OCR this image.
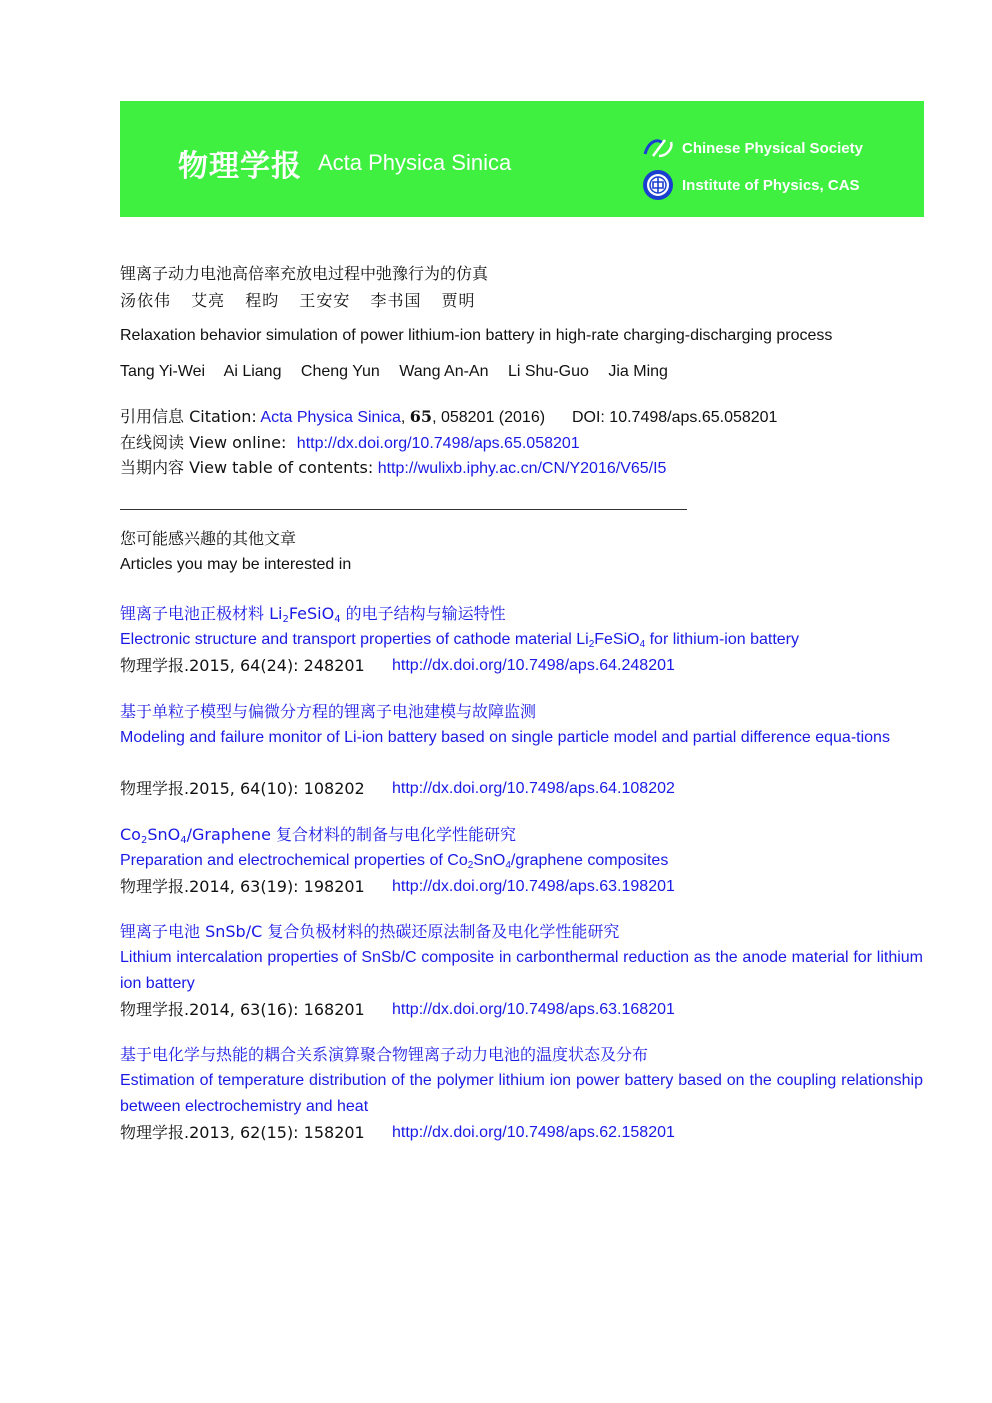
物理学报 Acta Physica Sinica
Chinese Physical Society
Institute of Physics, CAS
锂离子动力电池高倍率充放电过程中弛豫行为的仿真
汤依伟 艾亮 程昀 王安安 李书国 贾明
Relaxation behavior simulation of power lithium-ion battery in high-rate charging-discharging process
Tang Yi-Wei Ai Liang Cheng Yun Wang An-An Li Shu-Guo Jia Ming
引用信息 Citation: Acta Physica Sinica, 65, 058201 (2016) DOI: 10.7498/aps.65.058201
在线阅读 View online: http://dx.doi.org/10.7498/aps.65.058201
当期内容 View table of contents: http://wulixb.iphy.ac.cn/CN/Y2016/V65/I5
您可能感兴趣的其他文章
Articles you may be interested in
锂离子电池正极材料 $Li_2FeSiO_4$ 的电子结构与输运特性
Electronic structure and transport properties of cathode material $Li_2FeSiO_4$ for lithium-ion battery
物理学报.2015, 64(24): 248201 http://dx.doi.org/10.7498/aps.64.248201
基于单粒子模型与偏微分方程的锂离子电池建模与故障监测
Modeling and failure monitor of Li-ion battery based on single particle model and partial difference equa-tions
物理学报.2015, 64(10): 108202 http://dx.doi.org/10.7498/aps.64.108202
$Co_2SnO_4$/Graphene 复合材料的制备与电化学性能研究
Preparation and electrochemical properties of $Co_2SnO_4$/graphene composites
物理学报.2014, 63(19): 198201 http://dx.doi.org/10.7498/aps.63.198201
锂离子电池 SnSb/C 复合负极材料的热碳还原法制备及电化学性能研究
Lithium intercalation properties of SnSb/C composite in carbonthermal reduction as the anode material for lithium ion battery
物理学报.2014, 63(16): 168201 http://dx.doi.org/10.7498/aps.63.168201
基于电化学与热能的耦合关系演算聚合物锂离子动力电池的温度状态及分布
Estimation of temperature distribution of the polymer lithium ion power battery based on the coupling relationship between electrochemistry and heat
物理学报.2013, 62(15): 158201 http://dx.doi.org/10.7498/aps.62.158201
